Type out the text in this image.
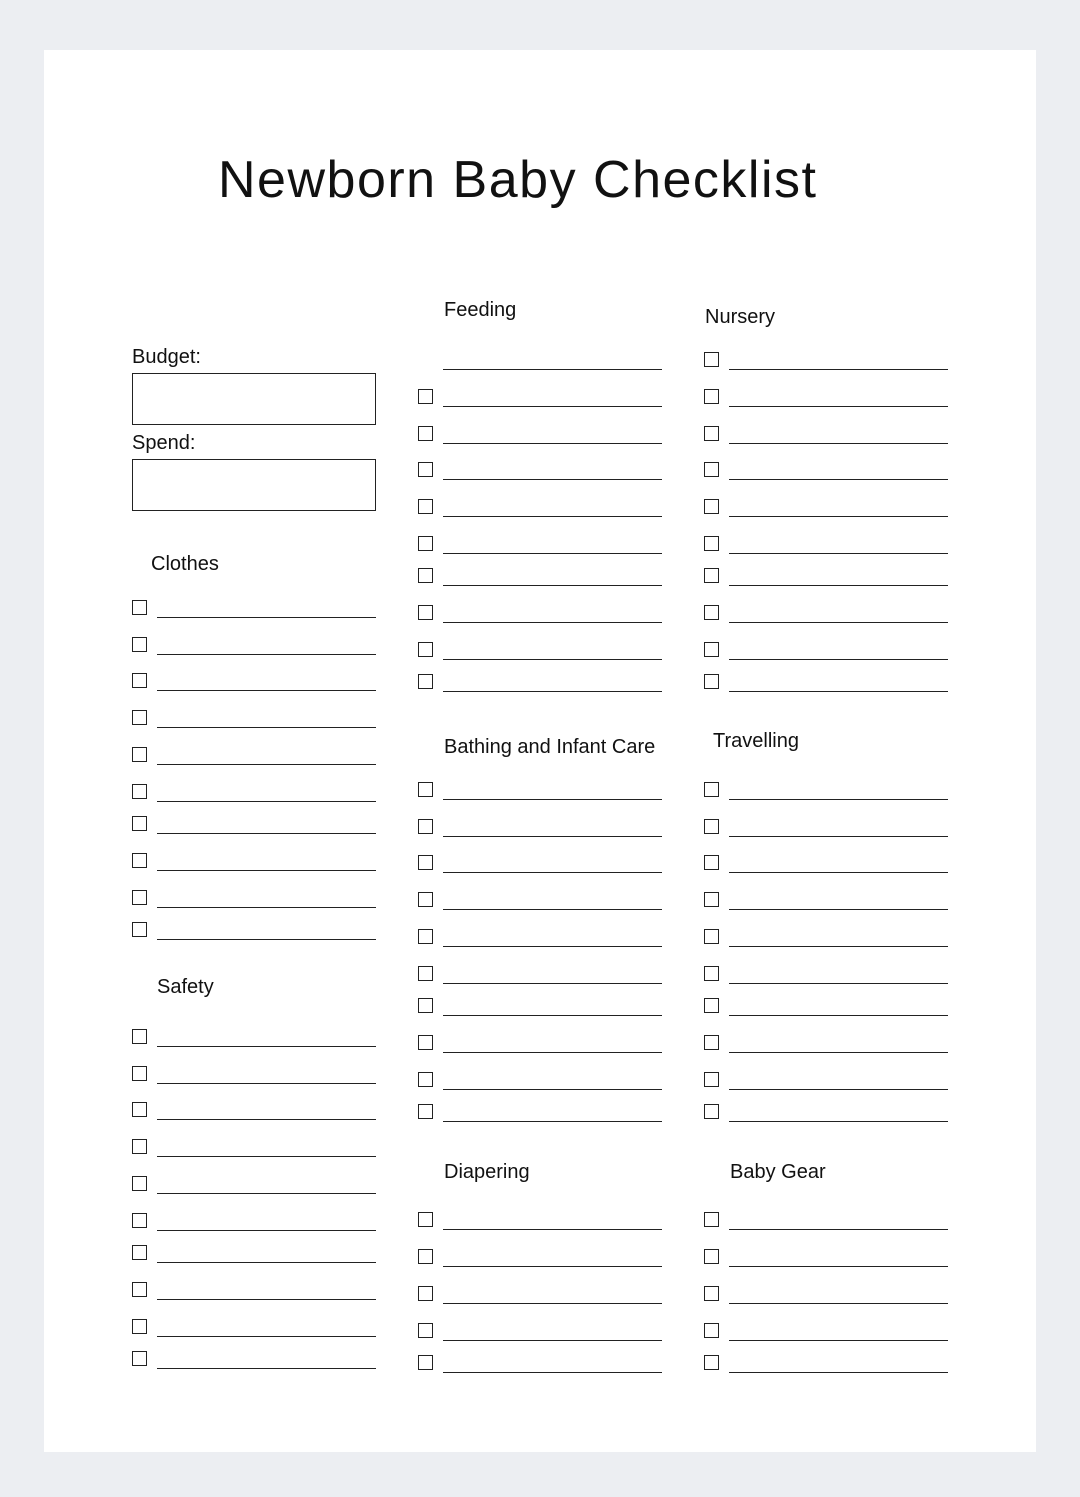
Newborn Baby Checklist
Budget:
Spend:
Clothes
Safety
Feeding
Bathing and Infant Care
Diapering
Nursery
Travelling
Baby Gear
